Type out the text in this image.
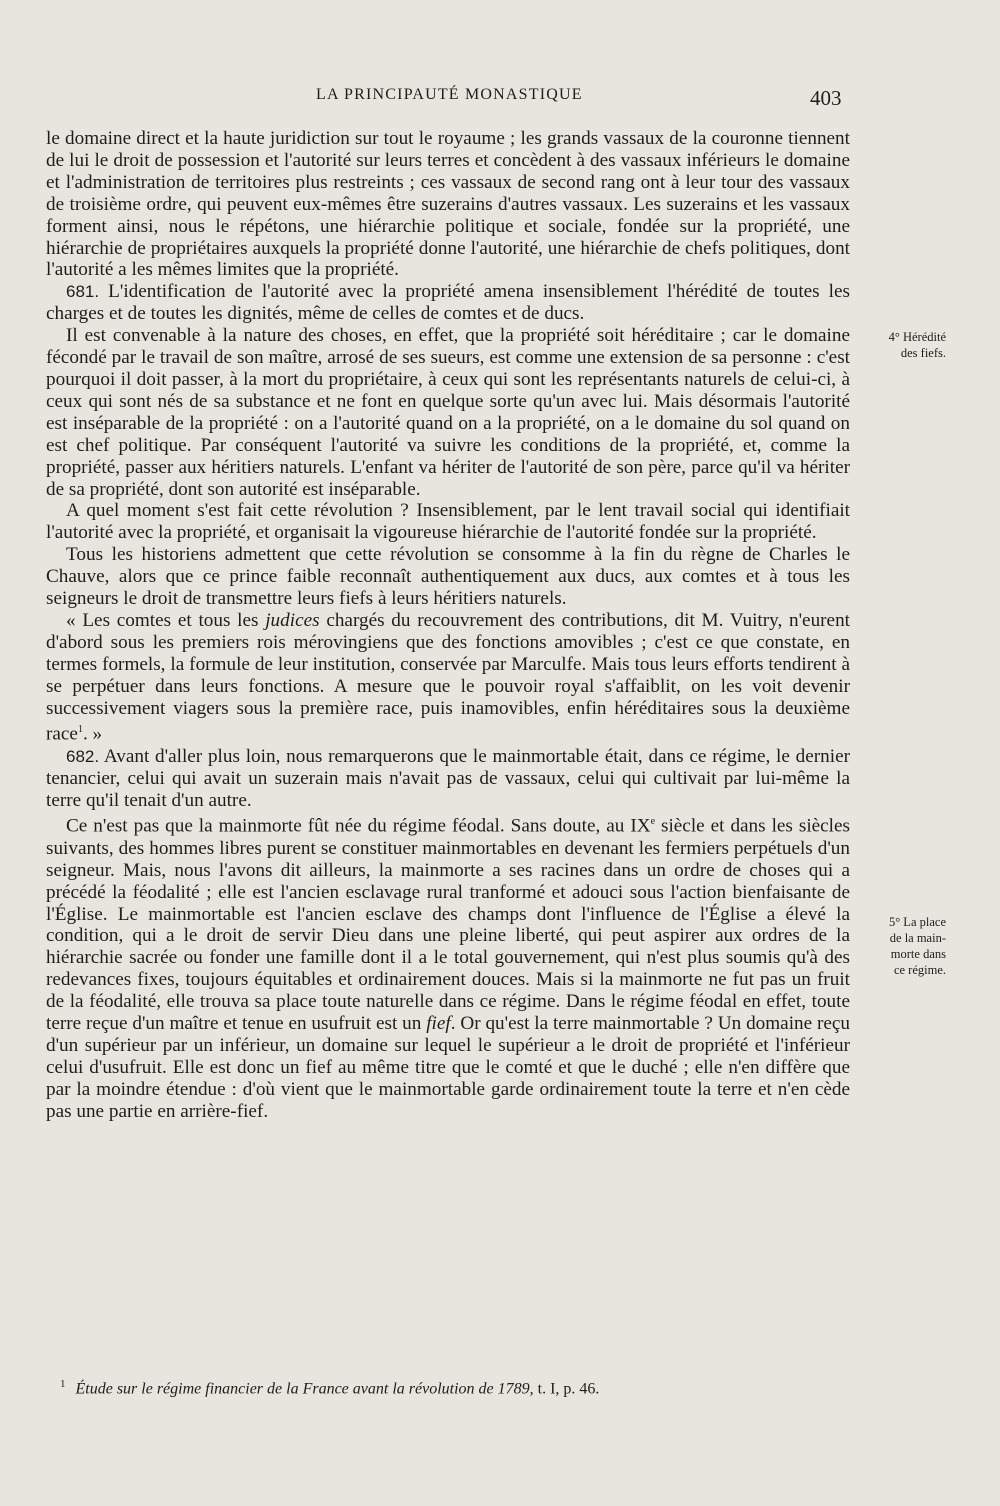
LA PRINCIPAUTÉ MONASTIQUE	403

le domaine direct et la haute juridiction sur tout le royaume ; les grands vassaux de la couronne tiennent de lui le droit de possession et l'autorité sur leurs terres et concèdent à des vassaux inférieurs le domaine et l'administration de territoires plus restreints ; ces vassaux de second rang ont à leur tour des vassaux de troisième ordre, qui peuvent eux-mêmes être suzerains d'autres vassaux. Les suzerains et les vassaux forment ainsi, nous le répétons, une hiérarchie politique et sociale, fondée sur la propriété, une hiérarchie de propriétaires auxquels la propriété donne l'autorité, une hiérarchie de chefs politiques, dont l'autorité a les mêmes limites que la propriété.

681. L'identification de l'autorité avec la propriété amena insensiblement l'hérédité de toutes les charges et de toutes les dignités, même de celles de comtes et de ducs.

Il est convenable à la nature des choses, en effet, que la propriété soit héréditaire ; car le domaine fécondé par le travail de son maître, arrosé de ses sueurs, est comme une extension de sa personne : c'est pourquoi il doit passer, à la mort du propriétaire, à ceux qui sont les représentants naturels de celui-ci, à ceux qui sont nés de sa substance et ne font en quelque sorte qu'un avec lui. Mais désormais l'autorité est inséparable de la propriété : on a l'autorité quand on a la propriété, on a le domaine du sol quand on est chef politique. Par conséquent l'autorité va suivre les conditions de la propriété, et, comme la propriété, passer aux héritiers naturels. L'enfant va hériter de l'autorité de son père, parce qu'il va hériter de sa propriété, dont son autorité est inséparable.

A quel moment s'est fait cette révolution ? Insensiblement, par le lent travail social qui identifiait l'autorité avec la propriété, et organisait la vigoureuse hiérarchie de l'autorité fondée sur la propriété.

Tous les historiens admettent que cette révolution se consomme à la fin du règne de Charles le Chauve, alors que ce prince faible reconnaît authentiquement aux ducs, aux comtes et à tous les seigneurs le droit de transmettre leurs fiefs à leurs héritiers naturels.

« Les comtes et tous les judices chargés du recouvrement des contributions, dit M. Vuitry, n'eurent d'abord sous les premiers rois mérovingiens que des fonctions amovibles ; c'est ce que constate, en termes formels, la formule de leur institution, conservée par Marculfe. Mais tous leurs efforts tendirent à se perpétuer dans leurs fonctions. A mesure que le pouvoir royal s'affaiblit, on les voit devenir successivement viagers sous la première race, puis inamovibles, enfin héréditaires sous la deuxième race$^1$. »

682. Avant d'aller plus loin, nous remarquerons que le mainmortable était, dans ce régime, le dernier tenancier, celui qui avait un suzerain mais n'avait pas de vassaux, celui qui cultivait par lui-même la terre qu'il tenait d'un autre.

Ce n'est pas que la mainmorte fût née du régime féodal. Sans doute, au IXe siècle et dans les siècles suivants, des hommes libres purent se constituer mainmortables en devenant les fermiers perpétuels d'un seigneur. Mais, nous l'avons dit ailleurs, la mainmorte a ses racines dans un ordre de choses qui a précédé la féodalité ; elle est l'ancien esclavage rural tranformé et adouci sous l'action bienfaisante de l'Église. Le mainmortable est l'ancien esclave des champs dont l'influence de l'Église a élevé la condition, qui a le droit de servir Dieu dans une pleine liberté, qui peut aspirer aux ordres de la hiérarchie sacrée ou fonder une famille dont il a le total gouvernement, qui n'est plus soumis qu'à des redevances fixes, toujours équitables et ordinairement douces. Mais si la mainmorte ne fut pas un fruit de la féodalité, elle trouva sa place toute naturelle dans ce régime. Dans le régime féodal en effet, toute terre reçue d'un maître et tenue en usufruit est un fief. Or qu'est la terre mainmortable ? Un domaine reçu d'un supérieur par un inférieur, un domaine sur lequel le supérieur a le droit de propriété et l'inférieur celui d'usufruit. Elle est donc un fief au même titre que le comté et que le duché ; elle n'en diffère que par la moindre étendue : d'où vient que le mainmortable garde ordinairement toute la terre et n'en cède pas une partie en arrière-fief.

4° Hérédité

des fiefs.

5° La place

de la main-

morte dans

ce régime.

$^1$ Étude sur le régime financier de la France avant la révolution de 1789, t. I, p. 46.
